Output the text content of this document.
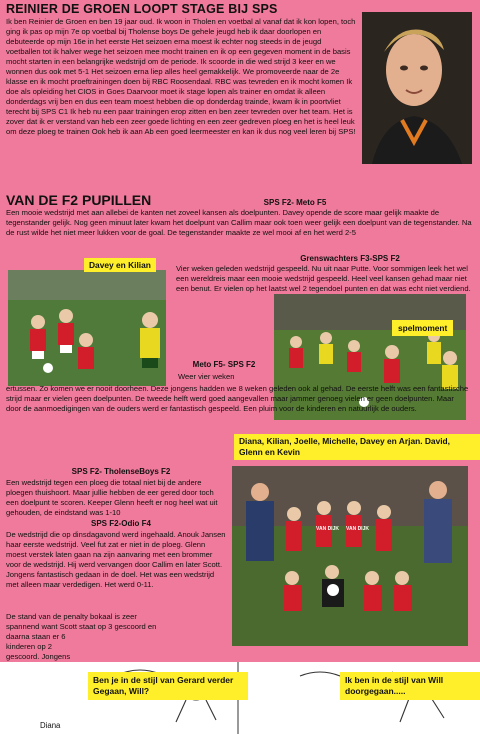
REINIER DE GROEN LOOPT STAGE BIJ SPS

Ik ben Reinier de Groen en ben 19 jaar oud. Ik woon in Tholen en voetbal al vanaf dat ik kon lopen, toch ging ik pas op mijn 7e op voetbal bij Tholense boys De gehele jeugd heb ik daar doorlopen en debuteerde op mijn 16e in het eerste Het seizoen erna moest ik echter nog steeds in de jeugd voetballen tot ik halver wege het seizoen mee mocht trainen en ik op een gegeven moment in de basis mocht starten in een belangrijke wedstrijd om de periode. Ik scoorde in die wed strijd 3 keer en we wonnen dus ook met 5-1 Het seizoen erna liep alles heel gemakkelijk. We promoveerde naar de 2e klasse en ik mocht proeftrainingen doen bij RBC Roosendaal. RBC was tevreden en ik mocht komen Ik doe als opleiding het CIOS in Goes Daarvoor moet ik stage lopen als trainer en omdat ik alleen donderdags vrij ben en dus een team moest hebben die op donderdag trainde, kwam ik in poortvliet terecht bij SPS C1 Ik heb nu een paar trainingen erop zitten en ben zeer tevreden over het team. Het is zover dat ik er verstand van heb een zeer goede lichting en een zeer gedreven ploeg en het is heel leuk om deze ploeg te trainen Ook heb ik aan Ab een goed leermeester en kan ik dus nog veel leren bij SPS!

VAN DE F2 PUPILLEN	SPS F2- Meto F5

Een mooie wedstrijd met aan allebei de kanten net zoveel kansen als doelpunten. Davey opende de score maar gelijk maakte de tegenstander gelijk. Nog geen minuut later kwam het doelpunt van Callim maar ook toen weer gelijk een doelpunt van de tegenstander. Na de rust wilde het niet meer lukken voor de goal. De tegenstander maakte ze wel mooi af en het werd 2-5

Davey en Kilian
Grenswachters F3-SPS F2

Vier weken geleden wedstrijd gespeeld. Nu uit naar Putte. Voor sommigen leek het wel een wereldreis maar een mooie wedstrijd gespeeld. Heel veel kansen gehad maar niet een benut. Er vielen op het laatst wel 2 tegendoel punten en dat was echt niet verdiend.

spelmoment
Meto F5- SPS F2

Weer vier weken

ertussen. Zo komen we er nooit doorheen. Deze jongens hadden we 8 weken geleden ook al gehad. De eerste helft was een fantastische strijd maar er vielen geen doelpunten. De tweede helft werd goed aangevallen maar jammer genoeg vielen er geen doelpunten. Maar door de aanmoedigingen van de ouders werd er fantastisch gespeeld. Een pluim voor de kinderen en natuurlijk de ouders.

Diana, Kilian, Joelle, Michelle, Davey en Arjan. David, Glenn en Kevin
SPS F2- TholenseBoys F2

Een wedstrijd tegen een ploeg die totaal niet bij de andere ploegen thuishoort. Maar jullie hebben de eer gered door toch een doelpunt te scoren. Keeper Glenn heeft er nog heel wat uit gehouden, de eindstand was 1-10

SPS F2-Odio F4

De wedstrijd die op dinsdagavond werd ingehaald. Anouk Jansen haar eerste wedstrijd. Veel fut zat er niet in de ploeg. Glenn moest verstek laten gaan na zijn aanvaring met een brommer voor de wedstrijd. Hij werd vervangen door Callim en later Scott. Jongens fantastisch gedaan in de doel. Het was een wedstrijd met alleen maar verdedigen. Het werd 0-11.

VAN DIJK VAN DIJK
De stand van de penalty bokaal is zeer
spannend want Scott staat op 3 gescoord en
daarna staan er 6
kinderen op 2
gescoord. Jongens
Ben je in de stijl van Gerard verder Gegaan, Will?
Ik ben in de stijl van Will doorgegaan.....
Diana
